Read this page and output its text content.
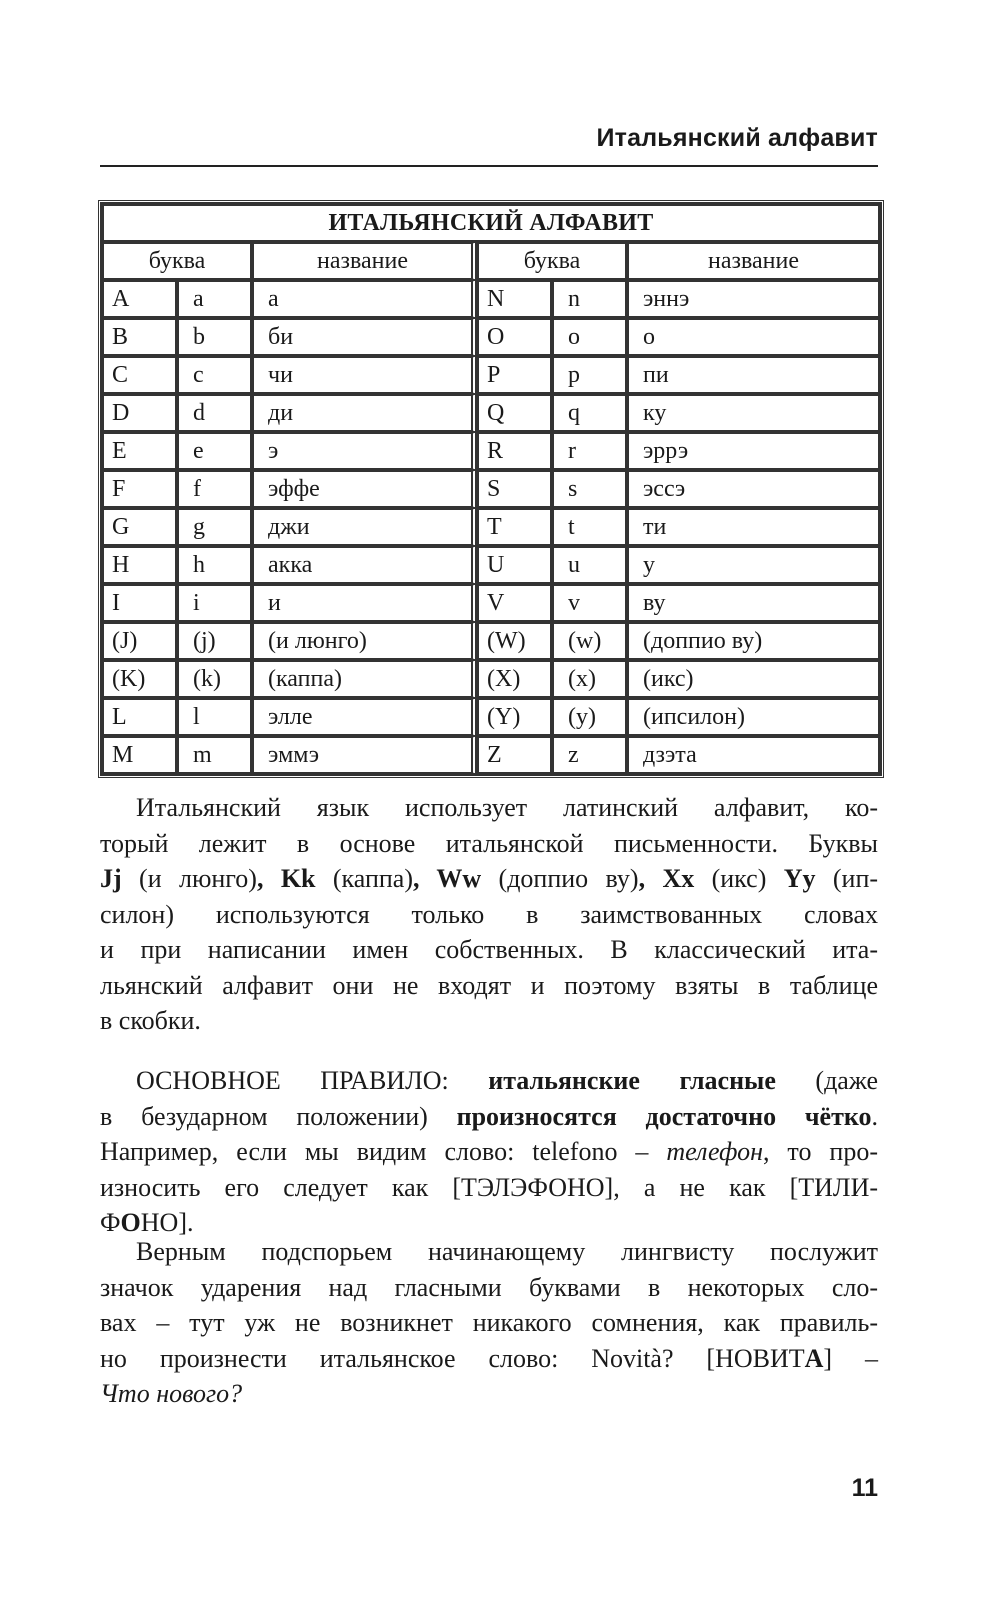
Итальянский алфавит
ИТАЛЬЯНСКИЙ АЛФАВИТ					
буква		название	буква		название
A	a	а	N	n	эннэ
B	b	би	O	o	о
C	c	чи	P	p	пи
D	d	ди	Q	q	ку
E	e	э	R	r	эррэ
F	f	эффе	S	s	эссэ
G	g	джи	T	t	ти
H	h	акка	U	u	у
I	i	и	V	v	ву
(J)	(j)	(и люнго)	(W)	(w)	(доппио ву)
(K)	(k)	(каппа)	(X)	(x)	(икс)
L	l	элле	(Y)	(y)	(ипсилон)
M	m	эммэ	Z	z	дзэта

Итальянский язык использует латинский алфавит, ко-
торый лежит в основе итальянской письменности. Буквы
Jj (и люнго), Kk (каппа), Ww (доппио ву), Xx (икс) Yy (ип-
силон) используются только в заимствованных словах
и при написании имен собственных. В классический ита-
льянский алфавит они не входят и поэтому взяты в таблице
в скобки.

ОСНОВНОЕ ПРАВИЛО: итальянские гласные (даже
в безударном положении) произносятся достаточно чётко.
Например, если мы видим слово: telefono – телефон, то про-
износить его следует как [ТЭЛЭФОНО], а не как [ТИЛИ-
ФОНО].

Верным подспорьем начинающему лингвисту послужит
значок ударения над гласными буквами в некоторых сло-
вах – тут уж не возникнет никакого сомнения, как правиль-
но произнести итальянское слово: Novità? [НОВИТА] –
Что нового?

11
